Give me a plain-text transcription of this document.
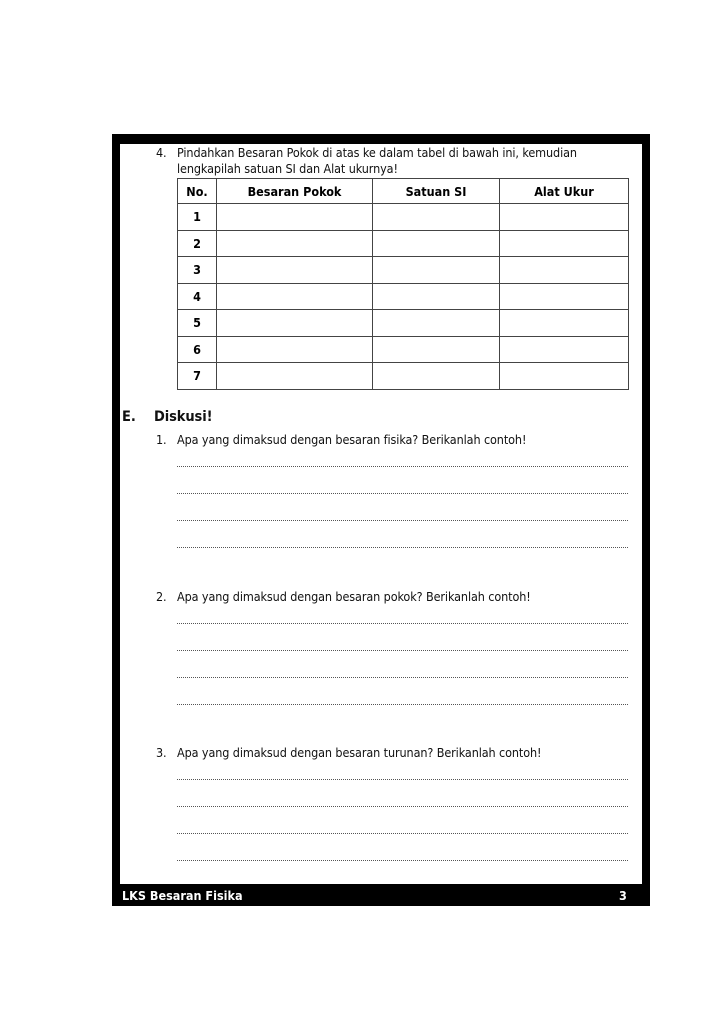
4. Pindahkan Besaran Pokok di atas ke dalam tabel di bawah ini, kemudian
lengkapilah satuan SI dan Alat ukurnya!
No.	Besaran Pokok	Satuan SI	Alat Ukur
1			
2			
3			
4			
5			
6			
7			
E. Diskusi!
1. Apa yang dimaksud dengan besaran fisika? Berikanlah contoh!
2. Apa yang dimaksud dengan besaran pokok? Berikanlah contoh!
3. Apa yang dimaksud dengan besaran turunan? Berikanlah contoh!
LKS Besaran Fisika	3
